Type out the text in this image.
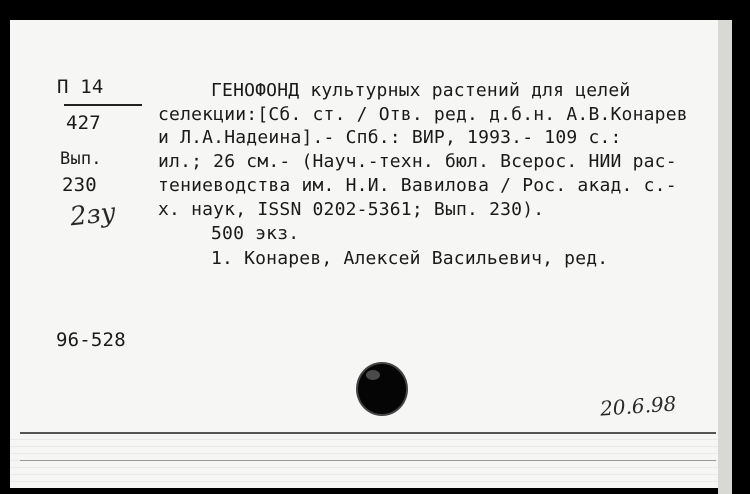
П 14

427

Вып.

230

2зу

96-528

ГЕНОФОНД культурных растений для целей

селекции:[Сб. ст. / Отв. ред. д.б.н. А.В.Конарев

и Л.А.Надеина].- Спб.: ВИР, 1993.- 109 с.:

ил.; 26 см.- (Науч.-техн. бюл. Всерос. НИИ рас-

тениеводства им. Н.И. Вавилова / Рос. акад. с.-

х. наук, ISSN 0202-5361; Вып. 230).

500 экз.

1. Конарев, Алексей Васильевич, ред.

20.6.98
